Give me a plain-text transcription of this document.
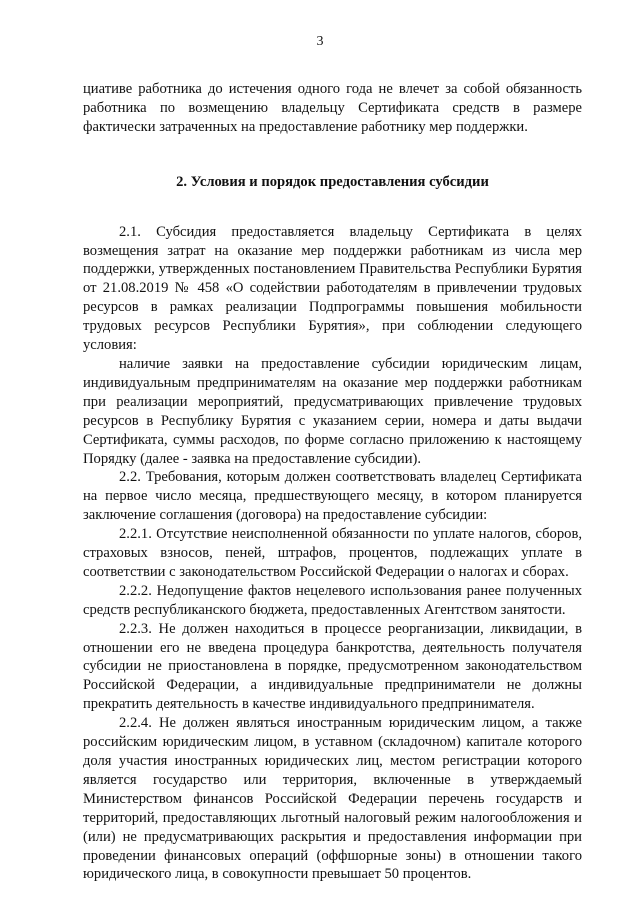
3

циативе работника до истечения одного года не влечет за собой обязанность работника по возмещению владельцу Сертификата средств в размере фактически затраченных на предоставление работнику мер поддержки.

2. Условия и порядок предоставления субсидии

2.1. Субсидия предоставляется владельцу Сертификата в целях возмещения затрат на оказание мер поддержки работникам из числа мер поддержки, утвержденных постановлением Правительства Республики Бурятия от 21.08.2019 № 458 «О содействии работодателям в привлечении трудовых ресурсов в рамках реализации Подпрограммы повышения мобильности трудовых ресурсов Республики Бурятия», при соблюдении следующего условия:

наличие заявки на предоставление субсидии юридическим лицам, индивидуальным предпринимателям на оказание мер поддержки работникам при реализации мероприятий, предусматривающих привлечение трудовых ресурсов в Республику Бурятия с указанием серии, номера и даты выдачи Сертификата, суммы расходов, по форме согласно приложению к настоящему Порядку (далее - заявка на предоставление субсидии).

2.2. Требования, которым должен соответствовать владелец Сертификата на первое число месяца, предшествующего месяцу, в котором планируется заключение соглашения (договора) на предоставление субсидии:

2.2.1. Отсутствие неисполненной обязанности по уплате налогов, сборов, страховых взносов, пеней, штрафов, процентов, подлежащих уплате в соответствии с законодательством Российской Федерации о налогах и сборах.

2.2.2. Недопущение фактов нецелевого использования ранее полученных средств республиканского бюджета, предоставленных Агентством занятости.

2.2.3. Не должен находиться в процессе реорганизации, ликвидации, в отношении его не введена процедура банкротства, деятельность получателя субсидии не приостановлена в порядке, предусмотренном законодательством Российской Федерации, а индивидуальные предприниматели не должны прекратить деятельность в качестве индивидуального предпринимателя.

2.2.4. Не должен являться иностранным юридическим лицом, а также российским юридическим лицом, в уставном (складочном) капитале которого доля участия иностранных юридических лиц, местом регистрации которого является государство или территория, включенные в утверждаемый Министерством финансов Российской Федерации перечень государств и территорий, предоставляющих льготный налоговый режим налогообложения и (или) не предусматривающих раскрытия и предоставления информации при проведении финансовых операций (оффшорные зоны) в отношении такого юридического лица, в совокупности превышает 50 процентов.
